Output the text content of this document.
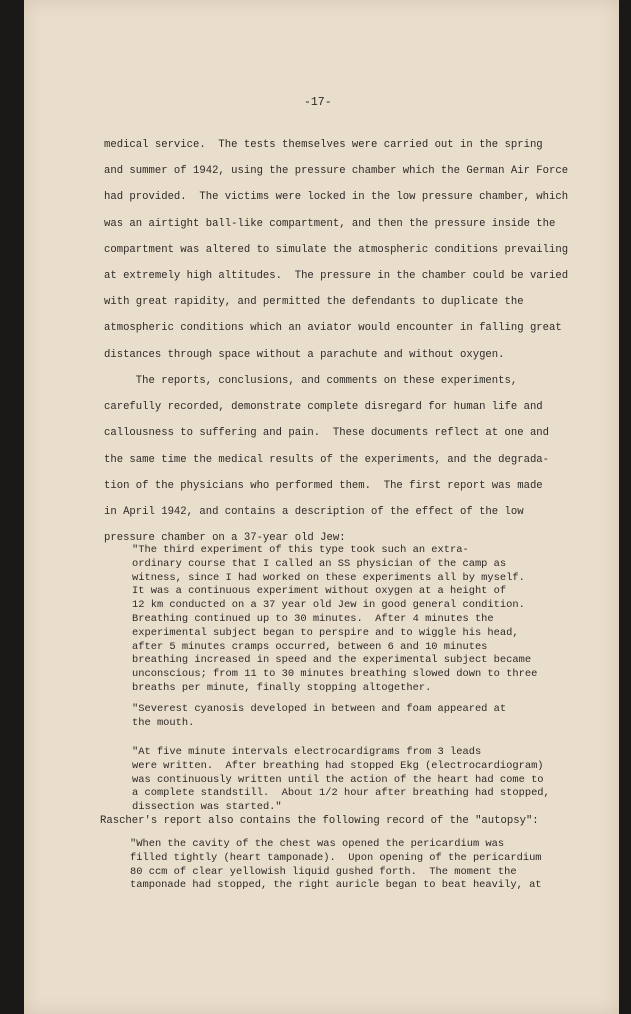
-17-
medical service.  The tests themselves were carried out in the spring
and summer of 1942, using the pressure chamber which the German Air Force
had provided.  The victims were locked in the low pressure chamber, which
was an airtight ball-like compartment, and then the pressure inside the
compartment was altered to simulate the atmospheric conditions prevailing
at extremely high altitudes.  The pressure in the chamber could be varied
with great rapidity, and permitted the defendants to duplicate the
atmospheric conditions which an aviator would encounter in falling great
distances through space without a parachute and without oxygen.
The reports, conclusions, and comments on these experiments,
carefully recorded, demonstrate complete disregard for human life and
callousness to suffering and pain.  These documents reflect at one and
the same time the medical results of the experiments, and the degrada-
tion of the physicians who performed them.  The first report was made
in April 1942, and contains a description of the effect of the low
pressure chamber on a 37-year old Jew:
"The third experiment of this type took such an extra-
ordinary course that I called an SS physician of the camp as
witness, since I had worked on these experiments all by myself.
It was a continuous experiment without oxygen at a height of
12 km conducted on a 37 year old Jew in good general condition.
Breathing continued up to 30 minutes.  After 4 minutes the
experimental subject began to perspire and to wiggle his head,
after 5 minutes cramps occurred, between 6 and 10 minutes
breathing increased in speed and the experimental subject became
unconscious; from 11 to 30 minutes breathing slowed down to three
breaths per minute, finally stopping altogether.
"Severest cyanosis developed in between and foam appeared at
the mouth.
"At five minute intervals electrocardigrams from 3 leads
were written.  After breathing had stopped Ekg (electrocardiogram)
was continuously written until the action of the heart had come to
a complete standstill.  About 1/2 hour after breathing had stopped,
dissection was started."
Rascher's report also contains the following record of the "autopsy":
"When the cavity of the chest was opened the pericardium was
filled tightly (heart tamponade).  Upon opening of the pericardium
80 ccm of clear yellowish liquid gushed forth.  The moment the
tamponade had stopped, the right auricle began to beat heavily, at
